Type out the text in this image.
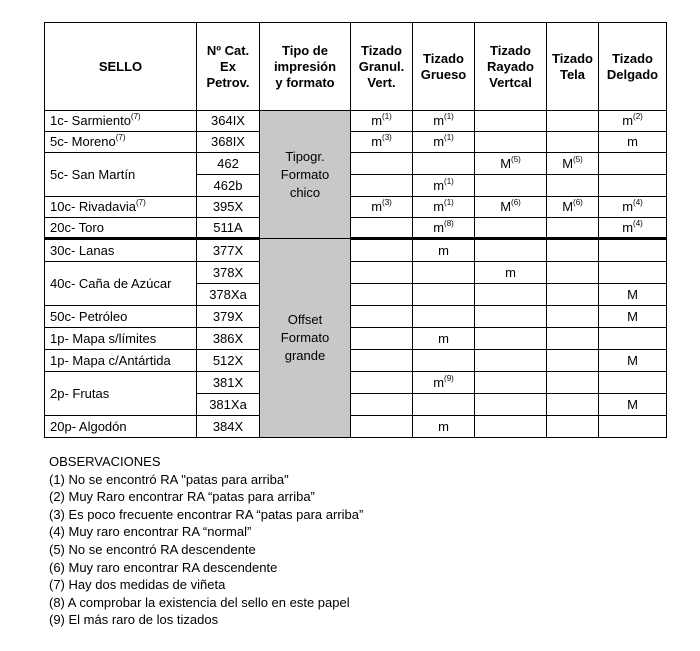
SELLO	Nº Cat.
Ex
Petrov.	Tipo de
impresión
y formato	Tizado
Granul.
Vert.	Tizado
Grueso	Tizado
Rayado
Vertcal	Tizado
Tela	Tizado
Delgado
1c- Sarmiento$^{(7)}$	364IX	Tipogr.
Formato
chico	$m^{(1)}$	$m^{(1)}$			$m^{(2)}$
5c- Moreno$^{(7)}$	368IX		$m^{(3)}$	$m^{(1)}$			m
5c- San Martín	462				$M^{(5)}$	$M^{(5)}$	
	462b			$m^{(1)}$			
10c- Rivadavia$^{(7)}$	395X		$m^{(3)}$	$m^{(1)}$	$M^{(6)}$	$M^{(6)}$	$m^{(4)}$
20c- Toro	511A			$m^{(8)}$			$m^{(4)}$
30c- Lanas	377X	Offset
Formato
grande		m			
40c- Caña de Azúcar	378X				m		
	378Xa						M
50c- Petróleo	379X						M
1p- Mapa s/límites	386X			m			
1p- Mapa c/Antártida	512X						M
2p- Frutas	381X			$m^{(9)}$			
	381Xa						M
20p- Algodón	384X			m			
OBSERVACIONES
(1) No se encontró RA "patas para arriba"
(2) Muy Raro encontrar RA “patas para arriba”
(3) Es poco frecuente encontrar RA “patas para arriba”
(4) Muy raro encontrar RA “normal”
(5) No se encontró RA descendente
(6) Muy raro encontrar RA descendente
(7) Hay dos medidas de viñeta
(8) A comprobar la existencia del sello en este papel
(9) El más raro de los tizados
